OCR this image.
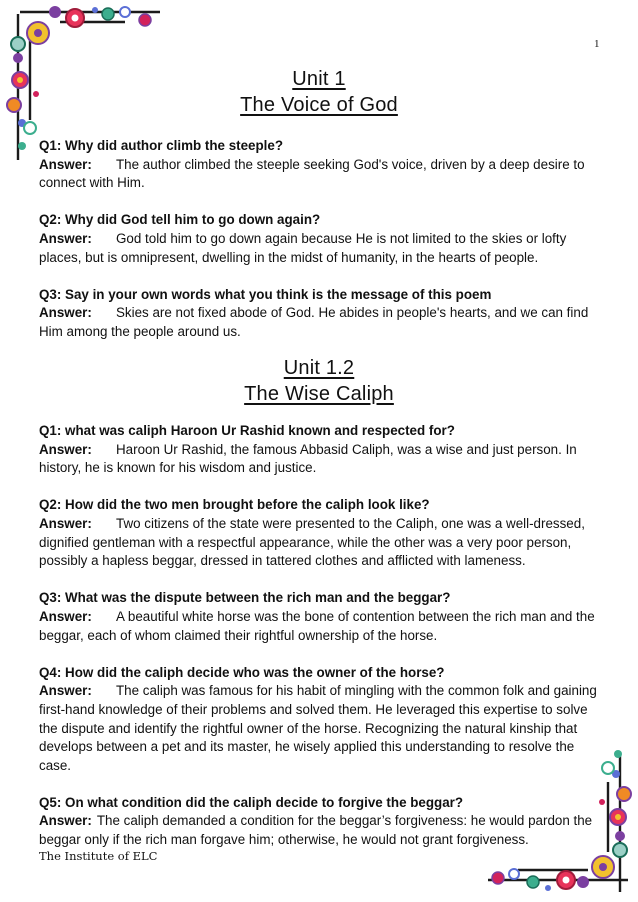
1
Unit 1
The Voice of God
Q1: Why did author climb the steeple?
Answer: The author climbed the steeple seeking God's voice, driven by a deep desire to connect with Him.
Q2: Why did God tell him to go down again?
Answer: God told him to go down again because He is not limited to the skies or lofty places, but is omnipresent, dwelling in the midst of humanity, in the hearts of people.
Q3: Say in your own words what you think is the message of this poem
Answer: Skies are not fixed abode of God. He abides in people's hearts, and we can find Him among the people around us.
Unit 1.2
The Wise Caliph
Q1: what was caliph Haroon Ur Rashid known and respected for?
Answer: Haroon Ur Rashid, the famous Abbasid Caliph, was a wise and just person. In history, he is known for his wisdom and justice.
Q2: How did the two men brought before the caliph look like?
Answer: Two citizens of the state were presented to the Caliph, one was a well-dressed, dignified gentleman with a respectful appearance, while the other was a very poor person, possibly a hapless beggar, dressed in tattered clothes and afflicted with lameness.
Q3: What was the dispute between the rich man and the beggar?
Answer: A beautiful white horse was the bone of contention between the rich man and the beggar, each of whom claimed their rightful ownership of the horse.
Q4: How did the caliph decide who was the owner of the horse?
Answer: The caliph was famous for his habit of mingling with the common folk and gaining first-hand knowledge of their problems and solved them. He leveraged this expertise to solve the dispute and identify the rightful owner of the horse. Recognizing the natural kinship that develops between a pet and its master, he wisely applied this understanding to resolve the case.
Q5: On what condition did the caliph decide to forgive the beggar?
Answer: The caliph demanded a condition for the beggar’s forgiveness: he would pardon the beggar only if the rich man forgave him; otherwise, he would not grant forgiveness.
The Institute of ELC
